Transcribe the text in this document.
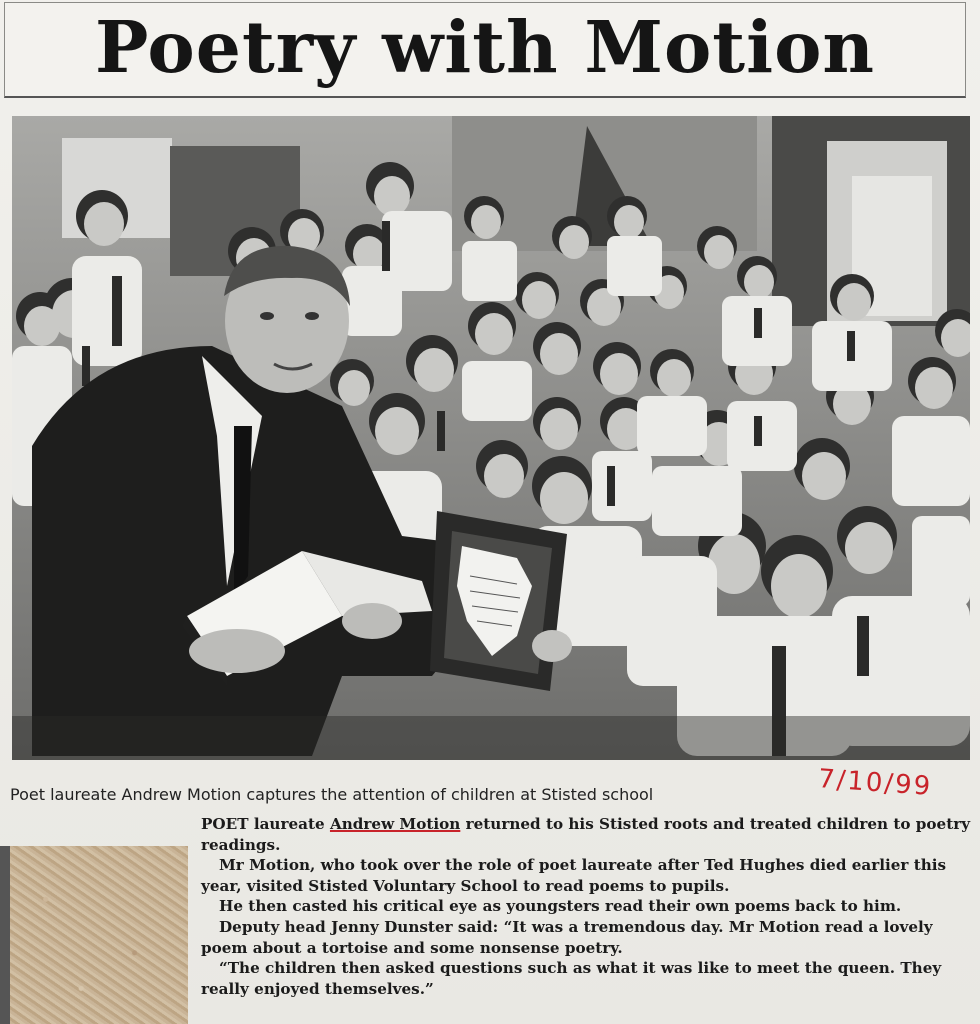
Poetry with Motion
Poet laureate Andrew Motion captures the attention of children at Stisted school	7/10/99

POET laureate Andrew Motion returned to his Stisted roots and treated children to poetry readings.

Mr Motion, who took over the role of poet laureate after Ted Hughes died earlier this year, visited Stisted Voluntary School to read poems to pupils.

He then casted his critical eye as youngsters read their own poems back to him.

Deputy head Jenny Dunster said: “It was a tremendous day. Mr Motion read a lovely poem about a tortoise and some nonsense poetry.

“The children then asked questions such as what it was like to meet the queen. They really enjoyed themselves.”
